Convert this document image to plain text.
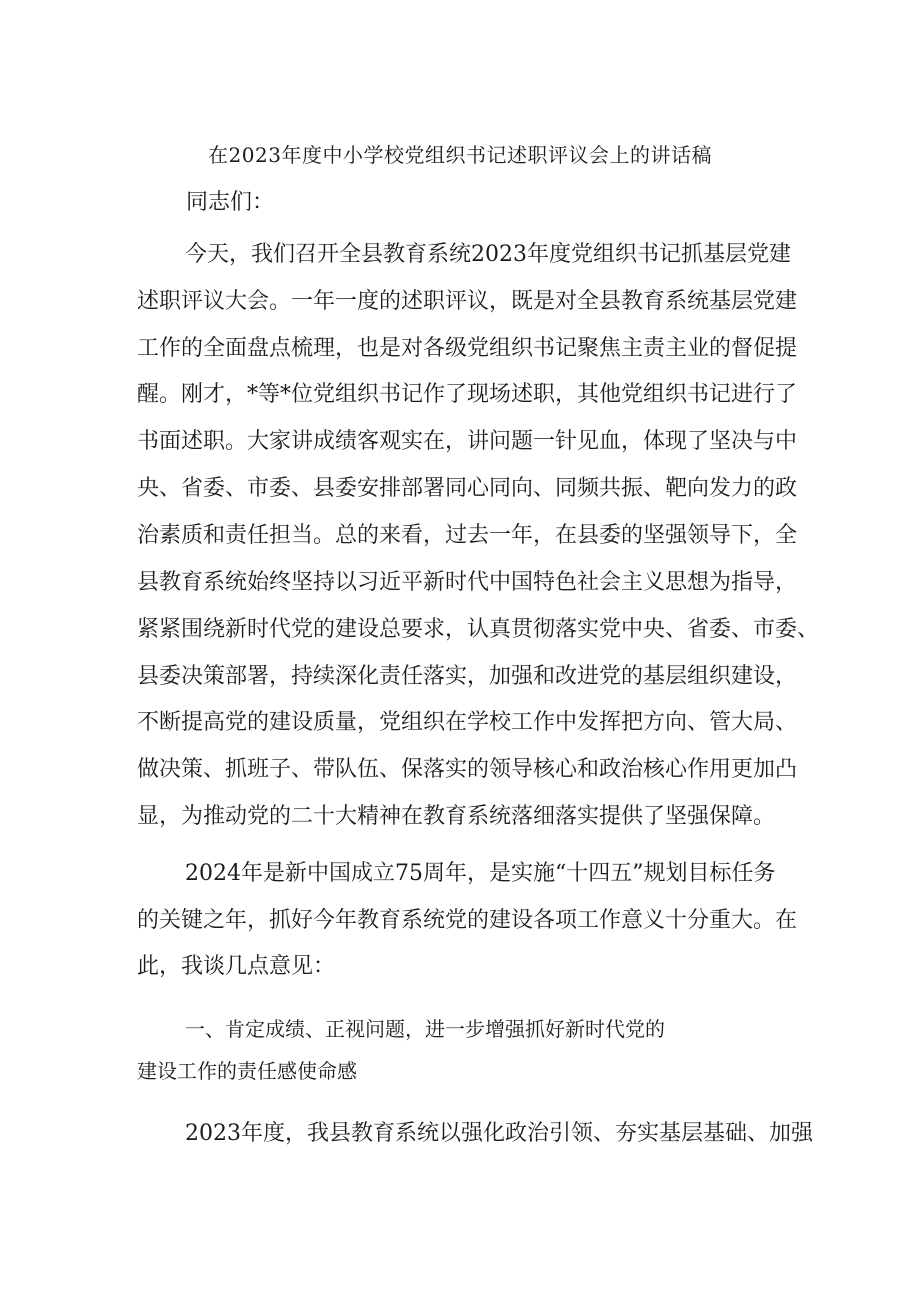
在2023年度中小学校党组织书记述职评议会上的讲话稿

同志们：

今天，我们召开全县教育系统2023年度党组织书记抓基层党建

述职评议大会。一年一度的述职评议，既是对全县教育系统基层党建

工作的全面盘点梳理，也是对各级党组织书记聚焦主责主业的督促提

醒。刚才，*等*位党组织书记作了现场述职，其他党组织书记进行了

书面述职。大家讲成绩客观实在，讲问题一针见血，体现了坚决与中

央、省委、市委、县委安排部署同心同向、同频共振、靶向发力的政

治素质和责任担当。总的来看，过去一年，在县委的坚强领导下，全

县教育系统始终坚持以习近平新时代中国特色社会主义思想为指导，

紧紧围绕新时代党的建设总要求，认真贯彻落实党中央、省委、市委、

县委决策部署，持续深化责任落实，加强和改进党的基层组织建设，

不断提高党的建设质量，党组织在学校工作中发挥把方向、管大局、

做决策、抓班子、带队伍、保落实的领导核心和政治核心作用更加凸

显，为推动党的二十大精神在教育系统落细落实提供了坚强保障。

2024年是新中国成立75周年，是实施“十四五”规划目标任务

的关键之年，抓好今年教育系统党的建设各项工作意义十分重大。在

此，我谈几点意见：

一、肯定成绩、正视问题，进一步增强抓好新时代党的

建设工作的责任感使命感

2023年度，我县教育系统以强化政治引领、夯实基层基础、加强
